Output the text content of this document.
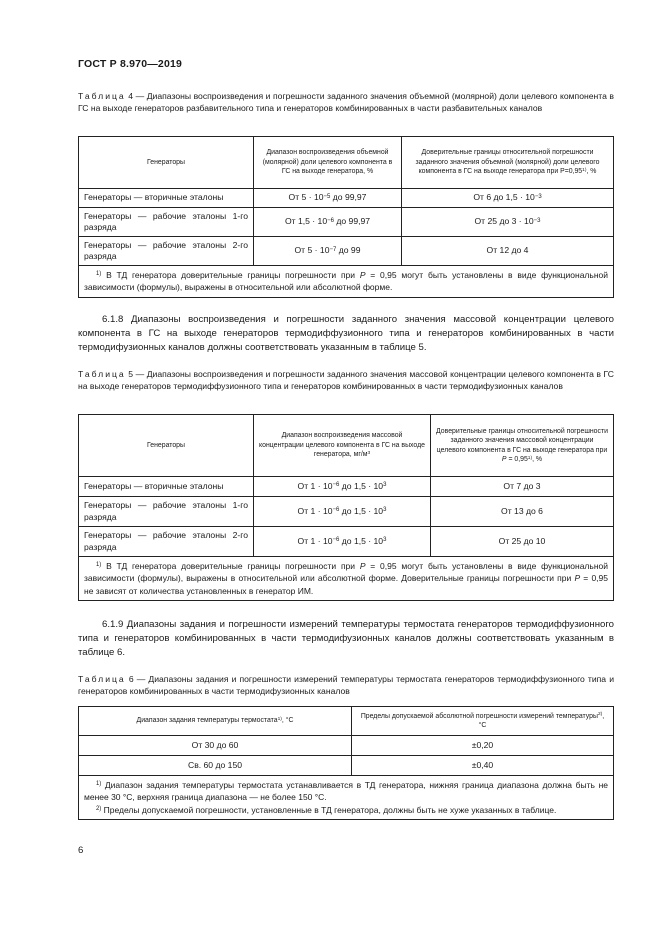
ГОСТ Р 8.970—2019
Таблица 4 — Диапазоны воспроизведения и погрешности заданного значения объемной (молярной) доли целевого компонента в ГС на выходе генераторов разбавительного типа и генераторов комбинированных в части разбавительных каналов
Генераторы	Диапазон воспроизведения объемной (молярной) доли целевого компонента в ГС на выходе генератора, %	Доверительные границы относительной погрешности заданного значения объемной (молярной) доли целевого компонента в ГС на выходе генератора при $Р=0,95^{1)}$, %
Генераторы — вторичные эталоны	От $5 \cdot 10^{-5}$ до 99,97	От 6 до $1,5 \cdot 10^{-3}$
Генераторы — рабочие эталоны 1-го разряда	От $1,5 \cdot 10^{-6}$ до 99,97	От 25 до $3 \cdot 10^{-3}$
Генераторы — рабочие эталоны 2-го разряда	От $5 \cdot 10^{-7}$ до 99	От 12 до 4
$^{1)}$ В ТД генератора доверительные границы погрешности при Р = 0,95 могут быть установлены в виде функциональной зависимости (формулы), выражены в относительной или абсолютной форме.		
6.1.8 Диапазоны воспроизведения и погрешности заданного значения массовой концентрации целевого компонента в ГС на выходе генераторов термодиффузионного типа и генераторов комбинированных в части термодифузионных каналов должны соответствовать указанным в таблице 5.
Таблица 5 — Диапазоны воспроизведения и погрешности заданного значения массовой концентрации целевого компонента в ГС на выходе генераторов термодиффузионного типа и генераторов комбинированных в части термодифузионных каналов
Генераторы	Диапазон воспроизведения массовой концентрации целевого компонента в ГС на выходе генератора, $мг/м^3$	Доверительные границы относительной погрешности заданного значения массовой концентрации целевого компонента в ГС на выходе генератора при $Р = 0,95^{1)}$, %
Генераторы — вторичные эталоны	От $1 \cdot 10^{-6}$ до $1,5 \cdot 10^3$	От 7 до 3
Генераторы — рабочие эталоны 1-го разряда	От $1 \cdot 10^{-6}$ до $1,5 \cdot 10^3$	От 13 до 6
Генераторы — рабочие эталоны 2-го разряда	От $1 \cdot 10^{-6}$ до $1,5 \cdot 10^3$	От 25 до 10
$^{1)}$ В ТД генератора доверительные границы погрешности при Р = 0,95 могут быть установлены в виде функциональной зависимости (формулы), выражены в относительной или абсолютной форме. Доверительные границы погрешности при Р = 0,95 не зависят от количества установленных в генератор ИМ.		
6.1.9 Диапазоны задания и погрешности измерений температуры термостата генераторов термодиффузионного типа и генераторов комбинированных в части термодифузионных каналов должны соответствовать указанным в таблице 6.
Таблица 6 — Диапазоны задания и погрешности измерений температуры термостата генераторов термодиффузионного типа и генераторов комбинированных в части термодифузионных каналов
Диапазон задания температуры термостата$^{1)}$, °С	Пределы допускаемой абсолютной погрешности измерений температуры$^{2)}$, °С
От 30 до 60	±0,20
Св. 60 до 150	±0,40

$^{1)}$ Диапазон задания температуры термостата устанавливается в ТД генератора, нижняя граница диапазона должна быть не менее 30 °С, верхняя граница диапазона — не более 150 °С.
$^{2)}$ Пределы допускаемой погрешности, установленные в ТД генератора, должны быть не хуже указанных в таблице.	
6
